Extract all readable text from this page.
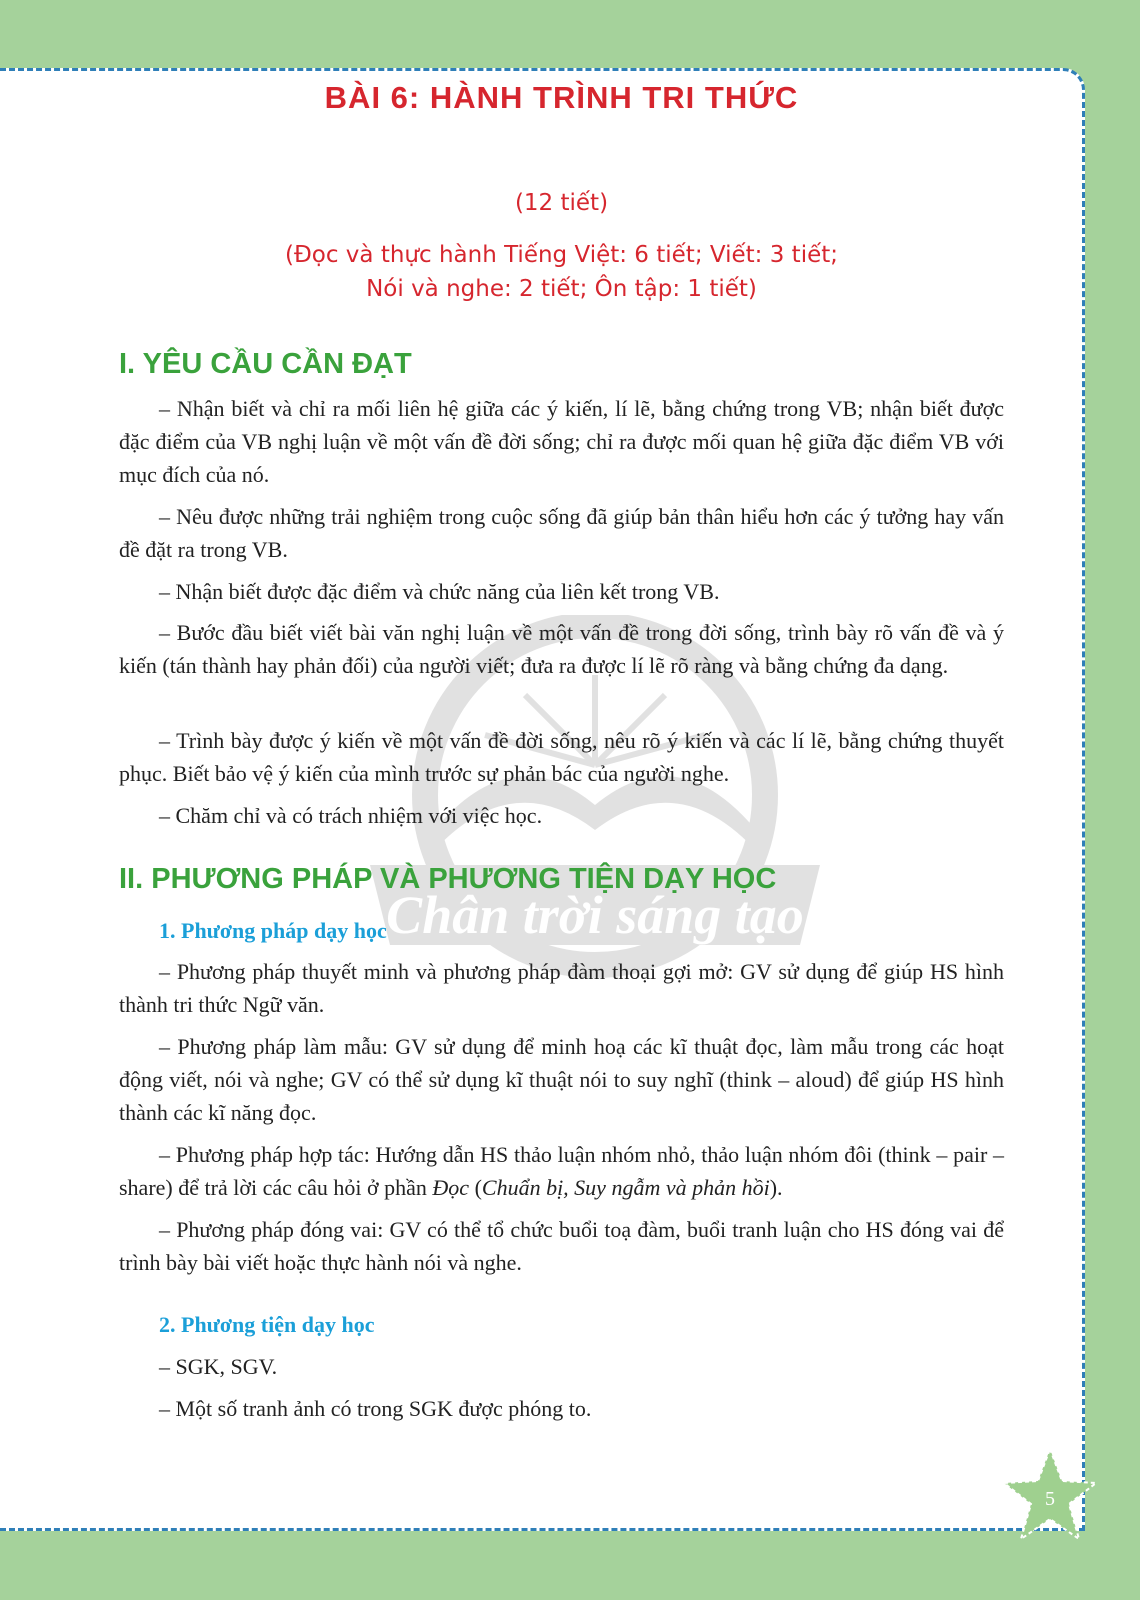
Chân trời sáng tạo
BÀI 6: HÀNH TRÌNH TRI THỨC

(12 tiết)

(Đọc và thực hành Tiếng Việt: 6 tiết; Viết: 3 tiết;

Nói và nghe: 2 tiết; Ôn tập: 1 tiết)

I. YÊU CẦU CẦN ĐẠT

– Nhận biết và chỉ ra mối liên hệ giữa các ý kiến, lí lẽ, bằng chứng trong VB; nhận biết được đặc điểm của VB nghị luận về một vấn đề đời sống; chỉ ra được mối quan hệ giữa đặc điểm VB với mục đích của nó.

– Nêu được những trải nghiệm trong cuộc sống đã giúp bản thân hiểu hơn các ý tưởng hay vấn đề đặt ra trong VB.

– Nhận biết được đặc điểm và chức năng của liên kết trong VB.

– Bước đầu biết viết bài văn nghị luận về một vấn đề trong đời sống, trình bày rõ vấn đề và ý kiến (tán thành hay phản đối) của người viết; đưa ra được lí lẽ rõ ràng và bằng chứng đa dạng.

– Trình bày được ý kiến về một vấn đề đời sống, nêu rõ ý kiến và các lí lẽ, bằng chứng thuyết phục. Biết bảo vệ ý kiến của mình trước sự phản bác của người nghe.

– Chăm chỉ và có trách nhiệm với việc học.

II. PHƯƠNG PHÁP VÀ PHƯƠNG TIỆN DẠY HỌC
1. Phương pháp dạy học

– Phương pháp thuyết minh và phương pháp đàm thoại gợi mở: GV sử dụng để giúp HS hình thành tri thức Ngữ văn.

– Phương pháp làm mẫu: GV sử dụng để minh hoạ các kĩ thuật đọc, làm mẫu trong các hoạt động viết, nói và nghe; GV có thể sử dụng kĩ thuật nói to suy nghĩ (think – aloud) để giúp HS hình thành các kĩ năng đọc.

– Phương pháp hợp tác: Hướng dẫn HS thảo luận nhóm nhỏ, thảo luận nhóm đôi (think – pair – share) để trả lời các câu hỏi ở phần Đọc (Chuẩn bị, Suy ngẫm và phản hồi).

– Phương pháp đóng vai: GV có thể tổ chức buổi toạ đàm, buổi tranh luận cho HS đóng vai để trình bày bài viết hoặc thực hành nói và nghe.

2. Phương tiện dạy học

– SGK, SGV.

– Một số tranh ảnh có trong SGK được phóng to.

5
